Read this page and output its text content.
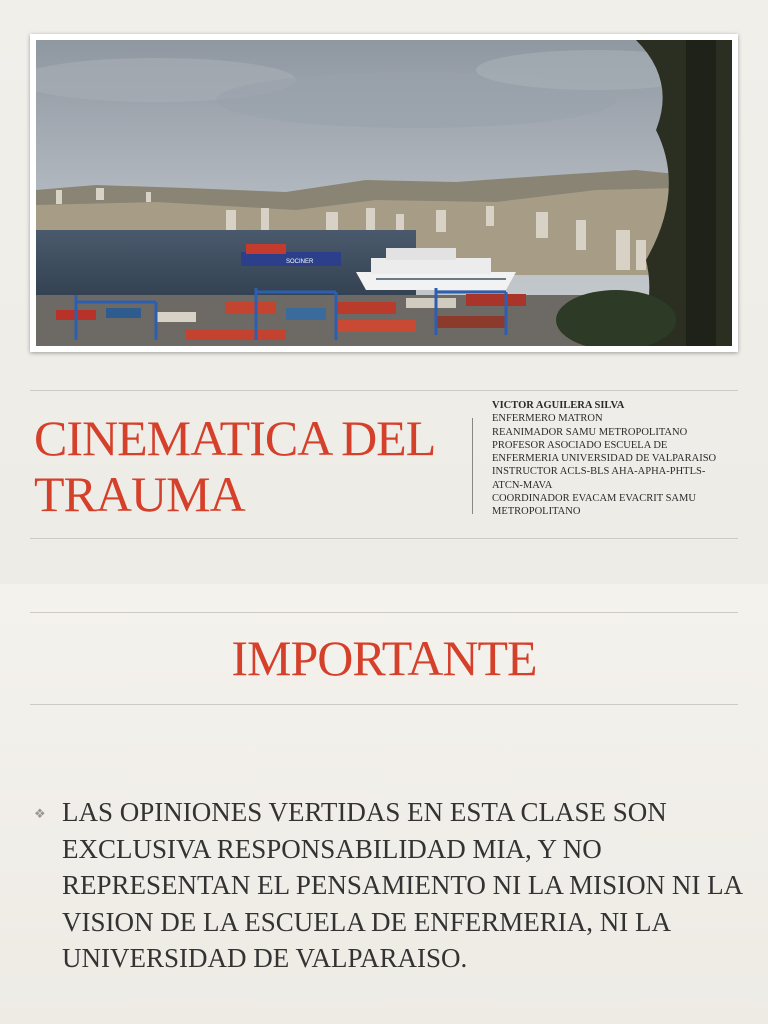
SOCINER
CINEMATICA DEL TRAUMA
VICTOR AGUILERA SILVA
ENFERMERO MATRON
REANIMADOR SAMU METROPOLITANO
PROFESOR ASOCIADO ESCUELA DE ENFERMERIA UNIVERSIDAD DE VALPARAISO
INSTRUCTOR ACLS-BLS AHA-APHA-PHTLS-ATCN-MAVA
COORDINADOR EVACAM EVACRIT SAMU METROPOLITANO
IMPORTANTE
❖ LAS OPINIONES VERTIDAS EN ESTA CLASE SON EXCLUSIVA RESPONSABILIDAD MIA, Y NO REPRESENTAN EL PENSAMIENTO NI LA MISION NI LA VISION DE LA ESCUELA DE ENFERMERIA, NI LA UNIVERSIDAD DE VALPARAISO.
